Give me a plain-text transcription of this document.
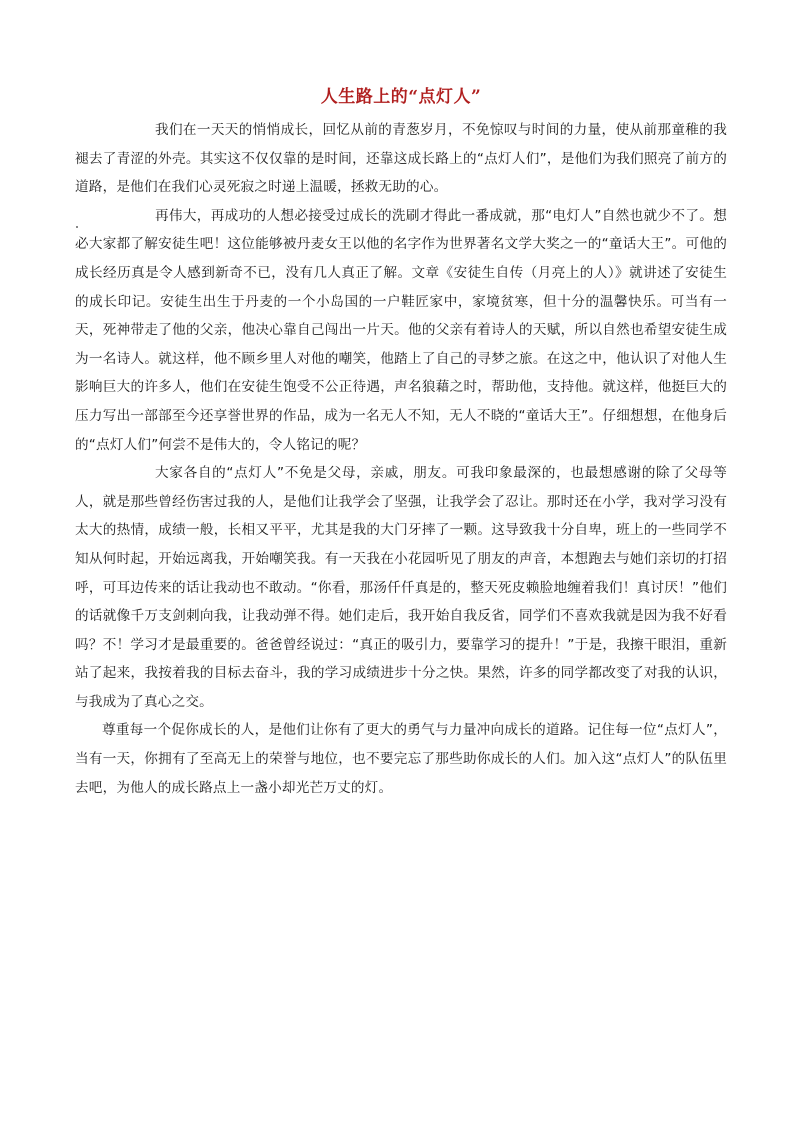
人生路上的“点灯人”

我们在一天天的悄悄成长，回忆从前的青葱岁月，不免惊叹与时间的力量，使从前那童稚的我褪去了青涩的外壳。其实这不仅仅靠的是时间，还靠这成长路上的“点灯人们”，是他们为我们照亮了前方的道路，是他们在我们心灵死寂之时递上温暖，拯救无助的心。

再伟大，再成功的人想必接受过成长的洗刷才得此一番成就，那“电灯人”自然也就少不了。想必大家都了解安徒生吧！这位能够被丹麦女王以他的名字作为世界著名文学大奖之一的“童话大王”。可他的成长经历真是令人感到新奇不已，没有几人真正了解。文章《安徒生自传（月亮上的人）》就讲述了安徒生的成长印记。安徒生出生于丹麦的一个小岛国的一户鞋匠家中，家境贫寒，但十分的温馨快乐。可当有一天，死神带走了他的父亲，他决心靠自己闯出一片天。他的父亲有着诗人的天赋，所以自然也希望安徒生成为一名诗人。就这样，他不顾乡里人对他的嘲笑，他踏上了自己的寻梦之旅。在这之中，他认识了对他人生影响巨大的许多人，他们在安徒生饱受不公正待遇，声名狼藉之时，帮助他，支持他。就这样，他挺巨大的压力写出一部部至今还享誉世界的作品，成为一名无人不知，无人不晓的“童话大王”。仔细想想，在他身后的“点灯人们”何尝不是伟大的，令人铭记的呢？

大家各自的“点灯人”不免是父母，亲戚，朋友。可我印象最深的，也最想感谢的除了父母等人，就是那些曾经伤害过我的人，是他们让我学会了坚强，让我学会了忍让。那时还在小学，我对学习没有太大的热情，成绩一般，长相又平平，尤其是我的大门牙摔了一颗。这导致我十分自卑，班上的一些同学不知从何时起，开始远离我，开始嘲笑我。有一天我在小花园听见了朋友的声音，本想跑去与她们亲切的打招呼，可耳边传来的话让我动也不敢动。“你看，那汤仟仟真是的，整天死皮赖脸地缠着我们！真讨厌！”他们的话就像千万支剑刺向我，让我动弹不得。她们走后，我开始自我反省，同学们不喜欢我就是因为我不好看吗？不！学习才是最重要的。爸爸曾经说过：“真正的吸引力，要靠学习的提升！”于是，我擦干眼泪，重新站了起来，我按着我的目标去奋斗，我的学习成绩进步十分之快。果然，许多的同学都改变了对我的认识，与我成为了真心之交。

尊重每一个促你成长的人，是他们让你有了更大的勇气与力量冲向成长的道路。记住每一位“点灯人”，当有一天，你拥有了至高无上的荣誉与地位，也不要完忘了那些助你成长的人们。加入这“点灯人”的队伍里去吧，为他人的成长路点上一盏小却光芒万丈的灯。
